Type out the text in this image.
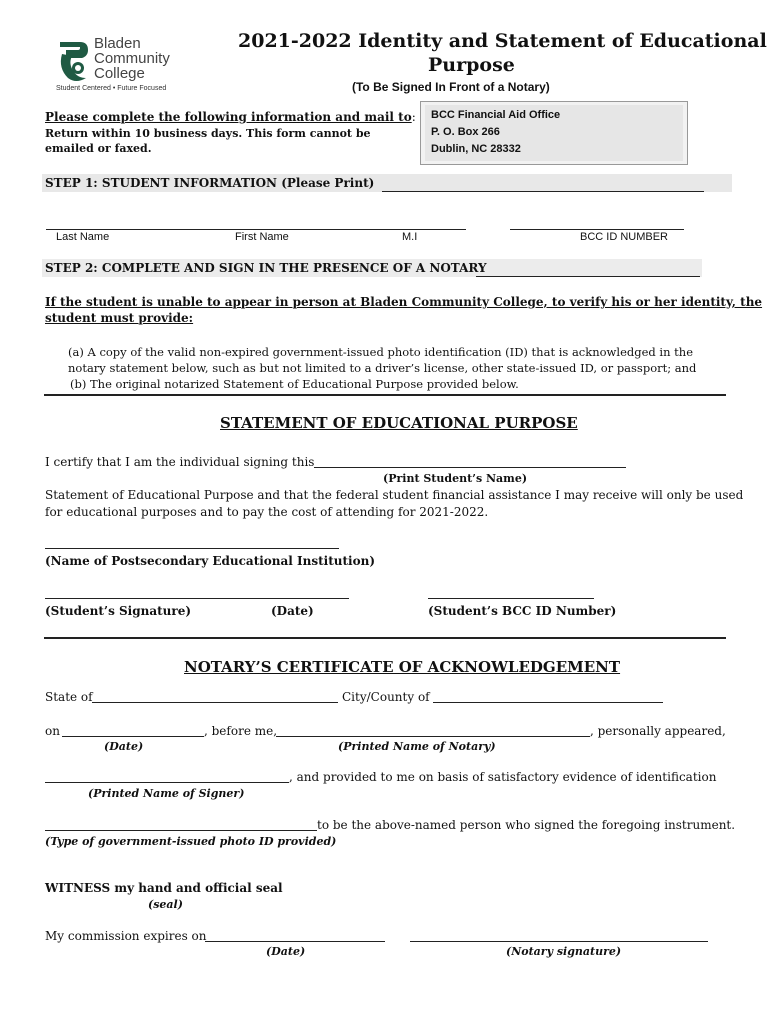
Bladen
Community
College
Student Centered • Future Focused
2021-2022 Identity and Statement of Educational
Purpose
(To Be Signed In Front of a Notary)
Please complete the following information and mail to:
Return within 10 business days. This form cannot be
emailed or faxed.
BCC Financial Aid Office
P. O. Box 266
Dublin, NC 28332
STEP 1: STUDENT INFORMATION (Please Print)
Last Name	First Name	M.I	BCC ID NUMBER
STEP 2: COMPLETE AND SIGN IN THE PRESENCE OF A NOTARY
If the student is unable to appear in person at Bladen Community College, to verify his or her identity, the
student must provide:
(a) A copy of the valid non-expired government-issued photo identification (ID) that is acknowledged in the
notary statement below, such as but not limited to a driver’s license, other state-issued ID, or passport; and
(b) The original notarized Statement of Educational Purpose provided below.
STATEMENT OF EDUCATIONAL PURPOSE
I certify that I am the individual signing this
(Print Student’s Name)
Statement of Educational Purpose and that the federal student financial assistance I may receive will only be used
for educational purposes and to pay the cost of attending for 2021-2022.
(Name of Postsecondary Educational Institution)
(Student’s Signature)	(Date)	(Student’s BCC ID Number)
NOTARY’S CERTIFICATE OF ACKNOWLEDGEMENT
State of	City/County of
on	, before me,	, personally appeared,
(Date)	(Printed Name of Notary)
, and provided to me on basis of satisfactory evidence of identification
(Printed Name of Signer)
to be the above-named person who signed the foregoing instrument.
(Type of government-issued photo ID provided)
WITNESS my hand and official seal
(seal)
My commission expires on
(Date)	(Notary signature)
